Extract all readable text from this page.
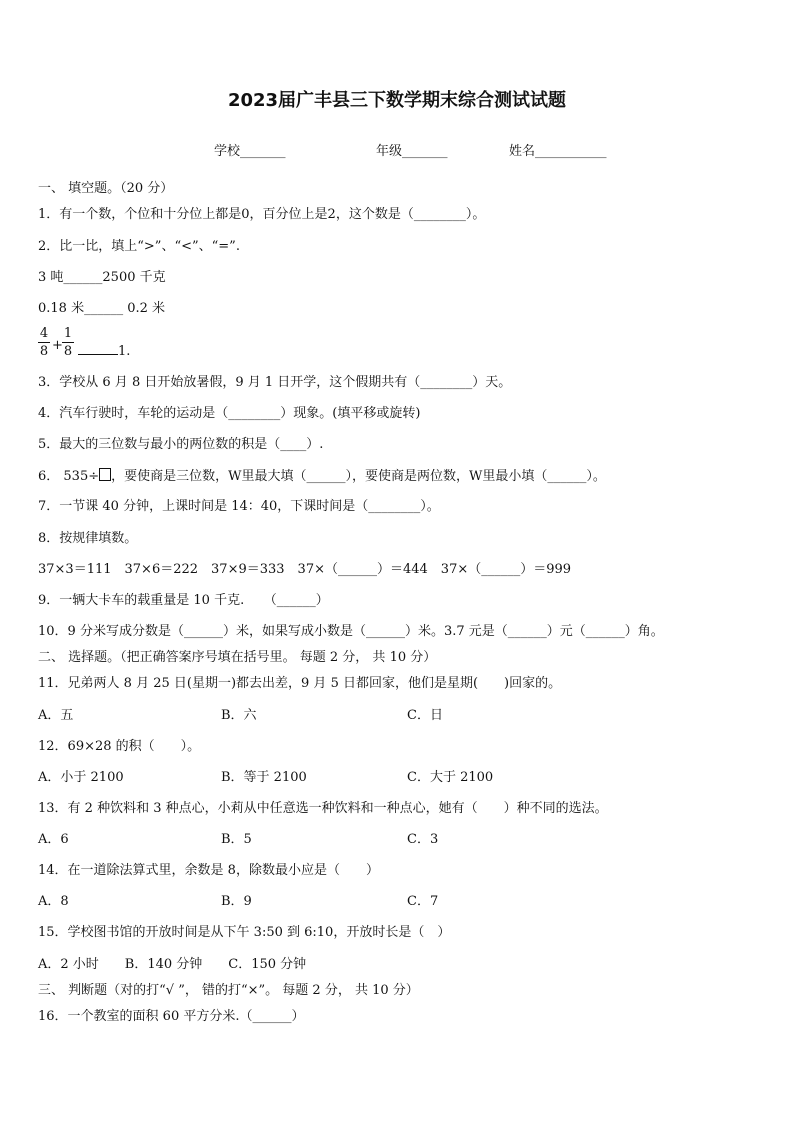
2023届广丰县三下数学期末综合测试试题
学校_______	年级_______	姓名___________
一、 填空题。（20 分）
1．有一个数，个位和十分位上都是0，百分位上是2，这个数是（________）。
2．比一比，填上“>”、“<”、“=”.
3 吨______2500 千克
0.18 米______ 0.2 米
4
8 +
1
8	1.
3．学校从 6 月 8 日开始放暑假，9 月 1 日开学，这个假期共有（________）天。
4．汽车行驶时，车轮的运动是（________）现象。(填平移或旋转)
5．最大的三位数与最小的两位数的积是（____）.
6． 535÷ ，要使商是三位数，W里最大填（______），要使商是两位数，W里最小填（______）。
7．一节课 40 分钟，上课时间是 14：40，下课时间是（________）。
8．按规律填数。
37×3＝111　37×6＝222　37×9＝333　37×（______）＝444　37×（______）＝999
9．一辆大卡车的载重量是 10 千克.　　（______）
10．9 分米写成分数是（______）米，如果写成小数是（______）米。3.7 元是（______）元（______）角。
二、 选择题。（把正确答案序号填在括号里。 每题 2 分， 共 10 分）
11．兄弟两人 8 月 25 日(星期一)都去出差，9 月 5 日都回家，他们是星期(　　)回家的。
A．五	B．六	C．日
12．69×28 的积（　　）。
A．小于 2100	B．等于 2100	C．大于 2100
13．有 2 种饮料和 3 种点心，小莉从中任意选一种饮料和一种点心，她有（　　）种不同的选法。
A．6	B．5	C．3
14．在一道除法算式里，余数是 8，除数最小应是（　　）
A．8	B．9	C．7
15．学校图书馆的开放时间是从下午 3:50 到 6:10，开放时长是（　）
A．2 小时　　B．140 分钟　　C．150 分钟
三、 判断题（对的打“√ ”， 错的打“×”。 每题 2 分， 共 10 分）
16．一个教室的面积 60 平方分米.（______）
